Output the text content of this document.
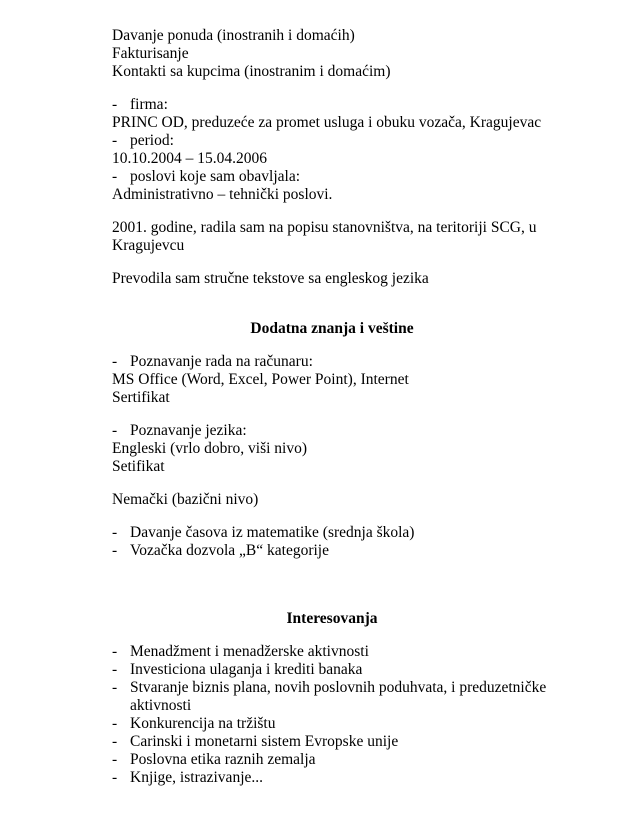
Davanje ponuda (inostranih i domaćih)
Fakturisanje
Kontakti sa kupcima (inostranim i domaćim)
- firma:
PRINC OD, preduzeće za promet usluga i obuku vozača, Kragujevac
- period:
10.10.2004 – 15.04.2006
- poslovi koje sam obavljala:
Administrativno – tehnički poslovi.
2001. godine, radila sam na popisu stanovništva, na teritoriji SCG, u
Kragujevcu
Prevodila sam stručne tekstove sa engleskog jezika
Dodatna znanja i veštine
- Poznavanje rada na računaru:
MS Office (Word, Excel, Power Point), Internet
Sertifikat
- Poznavanje jezika:
Engleski (vrlo dobro, viši nivo)
Setifikat
Nemački (bazični nivo)
- Davanje časova iz matematike (srednja škola)
- Vozačka dozvola „B“ kategorije
Interesovanja
- Menadžment i menadžerske aktivnosti
- Investiciona ulaganja i krediti banaka
- Stvaranje biznis plana, novih poslovnih poduhvata, i preduzetničke aktivnosti
- Konkurencija na tržištu
- Carinski i monetarni sistem Evropske unije
- Poslovna etika raznih zemalja
- Knjige, istrazivanje...
